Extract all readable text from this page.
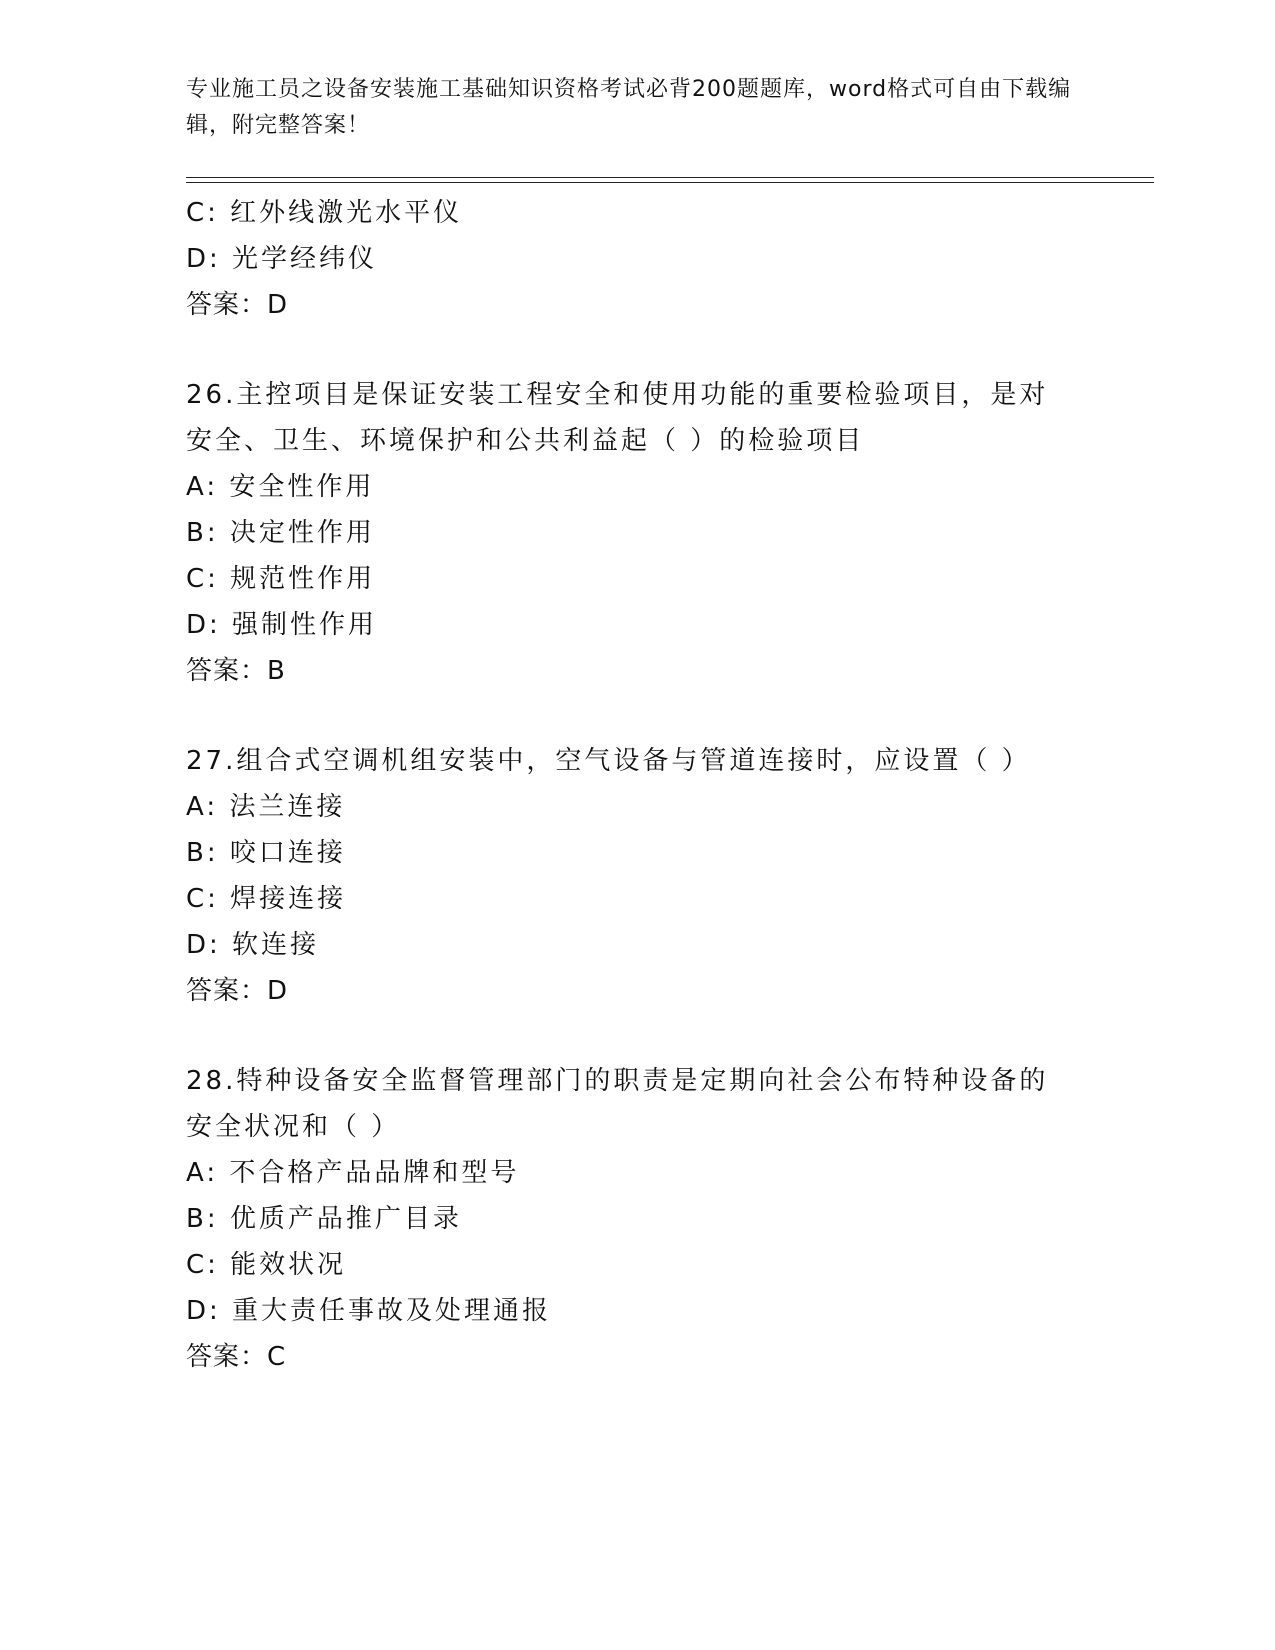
专业施工员之设备安装施工基础知识资格考试必背200题题库，word格式可自由下载编辑，附完整答案！
C: 红外线激光水平仪
D: 光学经纬仪
答案：D
26.主控项目是保证安装工程安全和使用功能的重要检验项目，是对安全、卫生、环境保护和公共利益起（ ）的检验项目
A: 安全性作用
B: 决定性作用
C: 规范性作用
D: 强制性作用
答案：B
27.组合式空调机组安装中，空气设备与管道连接时，应设置（ ）
A: 法兰连接
B: 咬口连接
C: 焊接连接
D: 软连接
答案：D
28.特种设备安全监督管理部门的职责是定期向社会公布特种设备的安全状况和（ ）
A: 不合格产品品牌和型号
B: 优质产品推广目录
C: 能效状况
D: 重大责任事故及处理通报
答案：C
